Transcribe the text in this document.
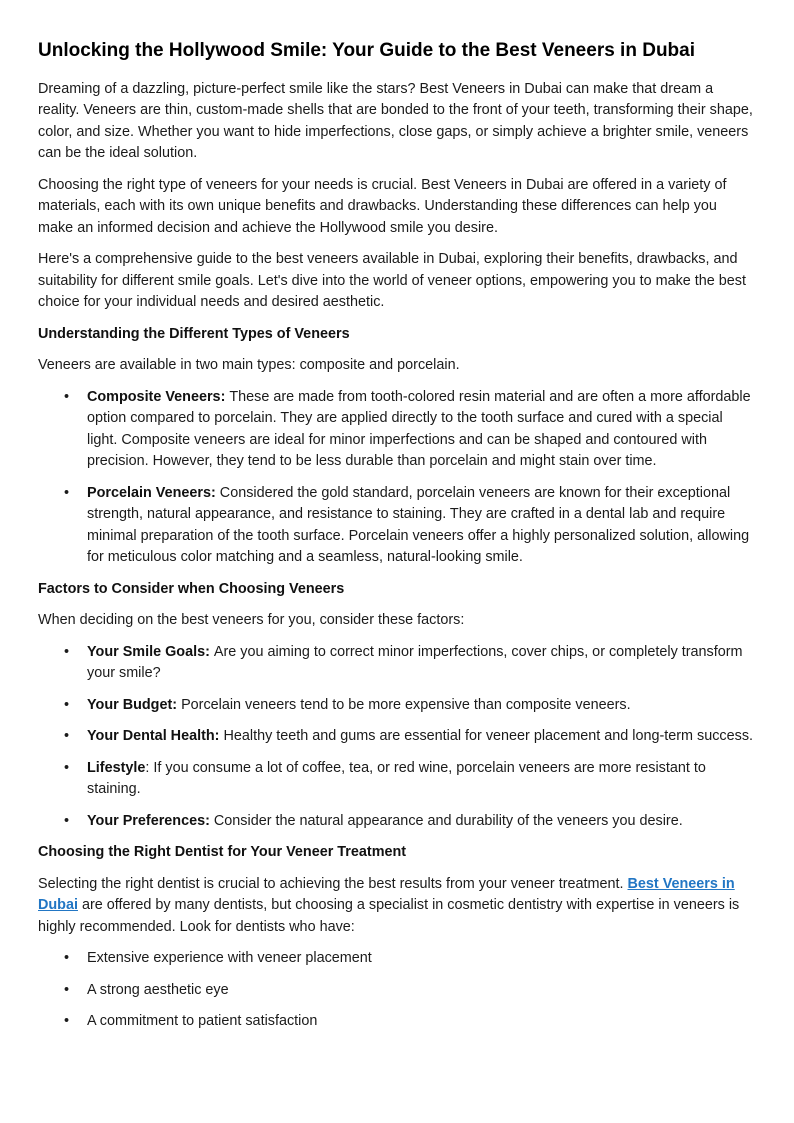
Unlocking the Hollywood Smile: Your Guide to the Best Veneers in Dubai

Dreaming of a dazzling, picture-perfect smile like the stars? Best Veneers in Dubai can make that dream a reality. Veneers are thin, custom-made shells that are bonded to the front of your teeth, transforming their shape, color, and size. Whether you want to hide imperfections, close gaps, or simply achieve a brighter smile, veneers can be the ideal solution.

Choosing the right type of veneers for your needs is crucial. Best Veneers in Dubai are offered in a variety of materials, each with its own unique benefits and drawbacks. Understanding these differences can help you make an informed decision and achieve the Hollywood smile you desire.

Here's a comprehensive guide to the best veneers available in Dubai, exploring their benefits, drawbacks, and suitability for different smile goals. Let's dive into the world of veneer options, empowering you to make the best choice for your individual needs and desired aesthetic.

Understanding the Different Types of Veneers

Veneers are available in two main types: composite and porcelain.

• Composite Veneers: These are made from tooth-colored resin material and are often a more affordable option compared to porcelain. They are applied directly to the tooth surface and cured with a special light. Composite veneers are ideal for minor imperfections and can be shaped and contoured with precision. However, they tend to be less durable than porcelain and might stain over time.
• Porcelain Veneers: Considered the gold standard, porcelain veneers are known for their exceptional strength, natural appearance, and resistance to staining. They are crafted in a dental lab and require minimal preparation of the tooth surface. Porcelain veneers offer a highly personalized solution, allowing for meticulous color matching and a seamless, natural-looking smile.
Factors to Consider when Choosing Veneers

When deciding on the best veneers for you, consider these factors:

• Your Smile Goals: Are you aiming to correct minor imperfections, cover chips, or completely transform your smile?
• Your Budget: Porcelain veneers tend to be more expensive than composite veneers.
• Your Dental Health: Healthy teeth and gums are essential for veneer placement and long-term success.
• Lifestyle: If you consume a lot of coffee, tea, or red wine, porcelain veneers are more resistant to staining.
• Your Preferences: Consider the natural appearance and durability of the veneers you desire.
Choosing the Right Dentist for Your Veneer Treatment

Selecting the right dentist is crucial to achieving the best results from your veneer treatment. Best Veneers in Dubai are offered by many dentists, but choosing a specialist in cosmetic dentistry with expertise in veneers is highly recommended. Look for dentists who have:

• Extensive experience with veneer placement
• A strong aesthetic eye
• A commitment to patient satisfaction
